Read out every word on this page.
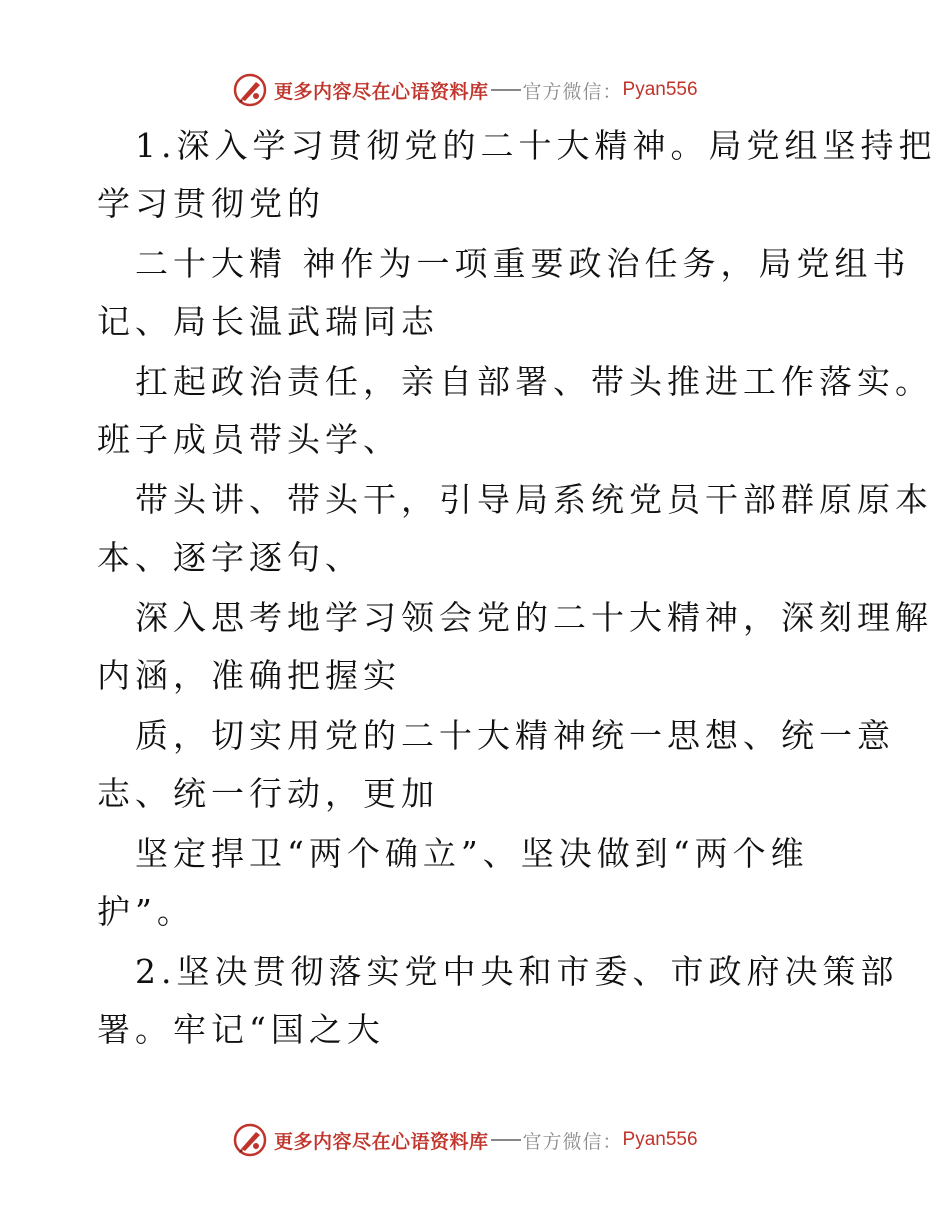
更多内容尽在心语资料库 官方微信： Pyan556
1.深入学习贯彻党的二十大精神。局党组坚持把
学习贯彻党的
二十大精 神作为一项重要政治任务，局党组书
记、局长温武瑞同志
扛起政治责任，亲自部署、带头推进工作落实。
班子成员带头学、
带头讲、带头干，引导局系统党员干部群原原本
本、逐字逐句、
深入思考地学习领会党的二十大精神，深刻理解
内涵，准确把握实
质，切实用党的二十大精神统一思想、统一意
志、统一行动，更加
坚定捍卫“两个确立”、坚决做到“两个维
护”。
2.坚决贯彻落实党中央和市委、市政府决策部
署。牢记“国之大
更多内容尽在心语资料库 官方微信： Pyan556
